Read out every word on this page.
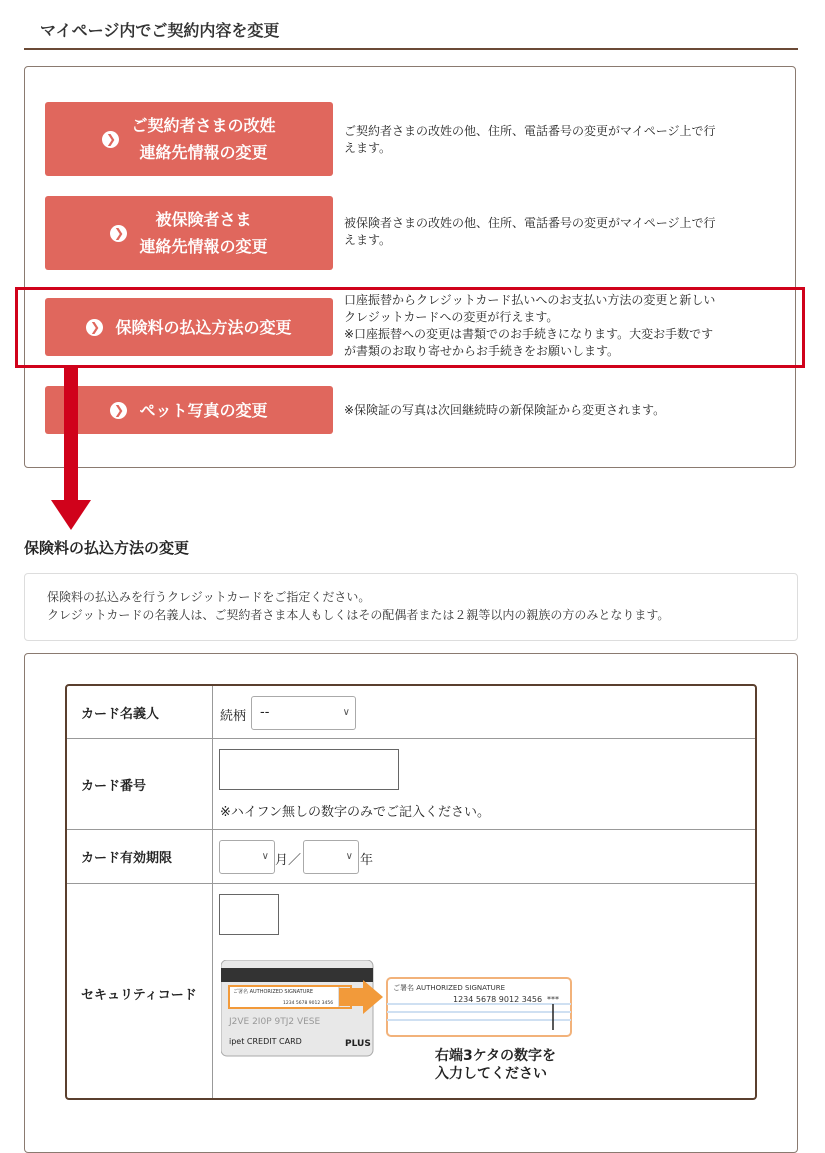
マイページ内でご契約内容を変更
❯
ご契約者さまの改姓
連絡先情報の変更
ご契約者さまの改姓の他、住所、電話番号の変更がマイページ上で行
えます。
❯
被保険者さま
連絡先情報の変更
被保険者さまの改姓の他、住所、電話番号の変更がマイページ上で行
えます。
❯ 保険料の払込方法の変更
口座振替からクレジットカード払いへのお支払い方法の変更と新しい
クレジットカードへの変更が行えます。
※口座振替への変更は書類でのお手続きになります。大変お手数です
が書類のお取り寄せからお手続きをお願いします。
❯ ペット写真の変更	※保険証の写真は次回継続時の新保険証から変更されます。
保険料の払込方法の変更
保険料の払込みを行うクレジットカードをご指定ください。
クレジットカードの名義人は、ご契約者さま本人もしくはその配偶者または２親等以内の親族の方のみとなります。
カード名義人	続柄	--	∨
カード番号
※ハイフン無しの数字のみでご記入ください。
カード有効期限	∨ 月／	∨ 年
セキュリティコード	ご署名 AUTHORIZED SIGNATURE
1234 5678 9012 3456
J2VE 2I0P 9TJ2 VESE
ipet CREDIT CARD	PLUS
ご署名 AUTHORIZED SIGNATURE
1234 5678 9012 3456 ***
右端3ケタの数字を
入力してください
